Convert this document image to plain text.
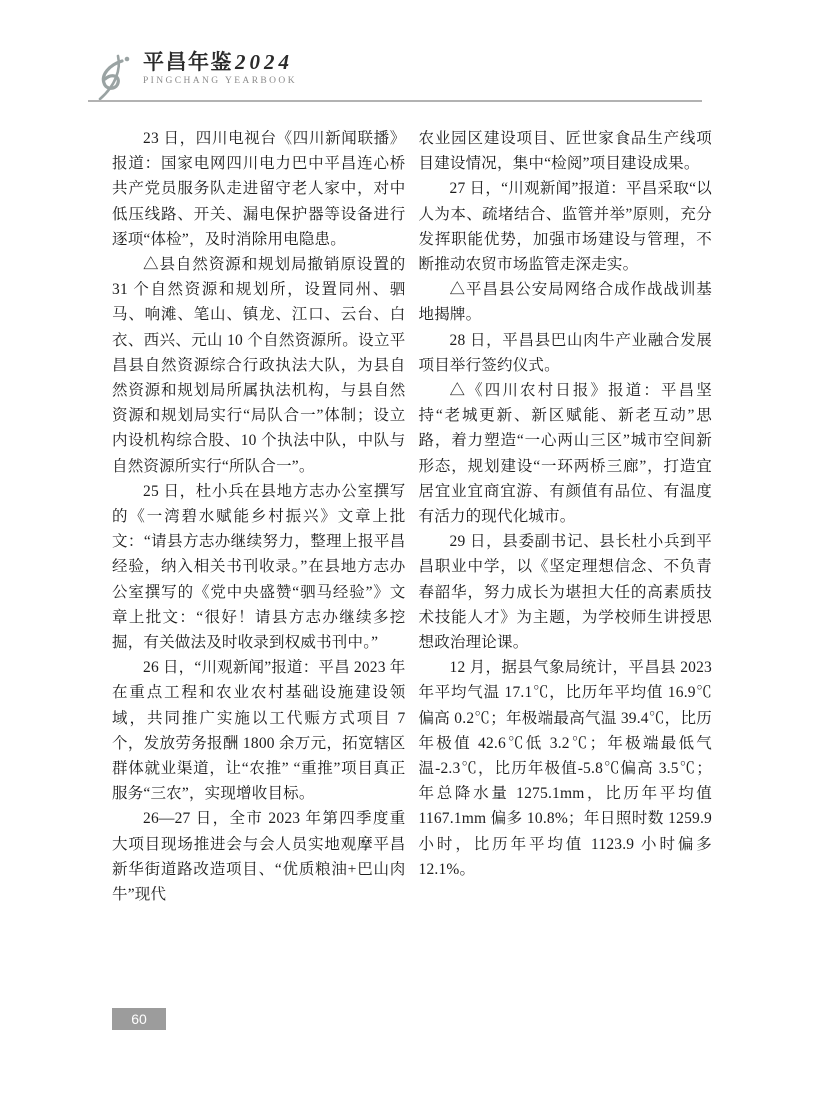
平昌年鉴2024
PINGCHANG YEARBOOK

23 日，四川电视台《四川新闻联播》报道：国家电网四川电力巴中平昌连心桥共产党员服务队走进留守老人家中，对中低压线路、开关、漏电保护器等设备进行逐项“体检”，及时消除用电隐患。

△县自然资源和规划局撤销原设置的 31 个自然资源和规划所，设置同州、驷马、响滩、笔山、镇龙、江口、云台、白衣、西兴、元山 10 个自然资源所。设立平昌县自然资源综合行政执法大队，为县自然资源和规划局所属执法机构，与县自然资源和规划局实行“局队合一”体制；设立内设机构综合股、10 个执法中队，中队与自然资源所实行“所队合一”。

25 日，杜小兵在县地方志办公室撰写的《一湾碧水赋能乡村振兴》文章上批文：“请县方志办继续努力，整理上报平昌经验，纳入相关书刊收录。”在县地方志办公室撰写的《党中央盛赞“驷马经验”》文章上批文：“很好！请县方志办继续多挖掘，有关做法及时收录到权威书刊中。”

26 日，“川观新闻”报道：平昌 2023 年在重点工程和农业农村基础设施建设领域，共同推广实施以工代赈方式项目 7 个，发放劳务报酬 1800 余万元，拓宽辖区群体就业渠道，让“农推” “重推”项目真正服务“三农”，实现增收目标。

26—27 日，全市 2023 年第四季度重大项目现场推进会与会人员实地观摩平昌新华街道路改造项目、“优质粮油+巴山肉牛”现代

农业园区建设项目、匠世家食品生产线项目建设情况，集中“检阅”项目建设成果。

27 日，“川观新闻”报道：平昌采取“以人为本、疏堵结合、监管并举”原则，充分发挥职能优势，加强市场建设与管理，不断推动农贸市场监管走深走实。

△平昌县公安局网络合成作战战训基地揭牌。

28 日，平昌县巴山肉牛产业融合发展项目举行签约仪式。

△《四川农村日报》报道：平昌坚持“老城更新、新区赋能、新老互动”思路，着力塑造“一心两山三区”城市空间新形态，规划建设“一环两桥三廊”，打造宜居宜业宜商宜游、有颜值有品位、有温度有活力的现代化城市。

29 日，县委副书记、县长杜小兵到平昌职业中学，以《坚定理想信念、不负青春韶华，努力成长为堪担大任的高素质技术技能人才》为主题，为学校师生讲授思想政治理论课。

12 月，据县气象局统计，平昌县 2023 年平均气温 17.1℃，比历年平均值 16.9℃偏高 0.2℃；年极端最高气温 39.4℃，比历年极值 42.6℃低 3.2℃；年极端最低气温-2.3℃，比历年极值-5.8℃偏高 3.5℃；年总降水量 1275.1mm，比历年平均值 1167.1mm 偏多 10.8%；年日照时数 1259.9 小时，比历年平均值 1123.9 小时偏多 12.1%。

60
